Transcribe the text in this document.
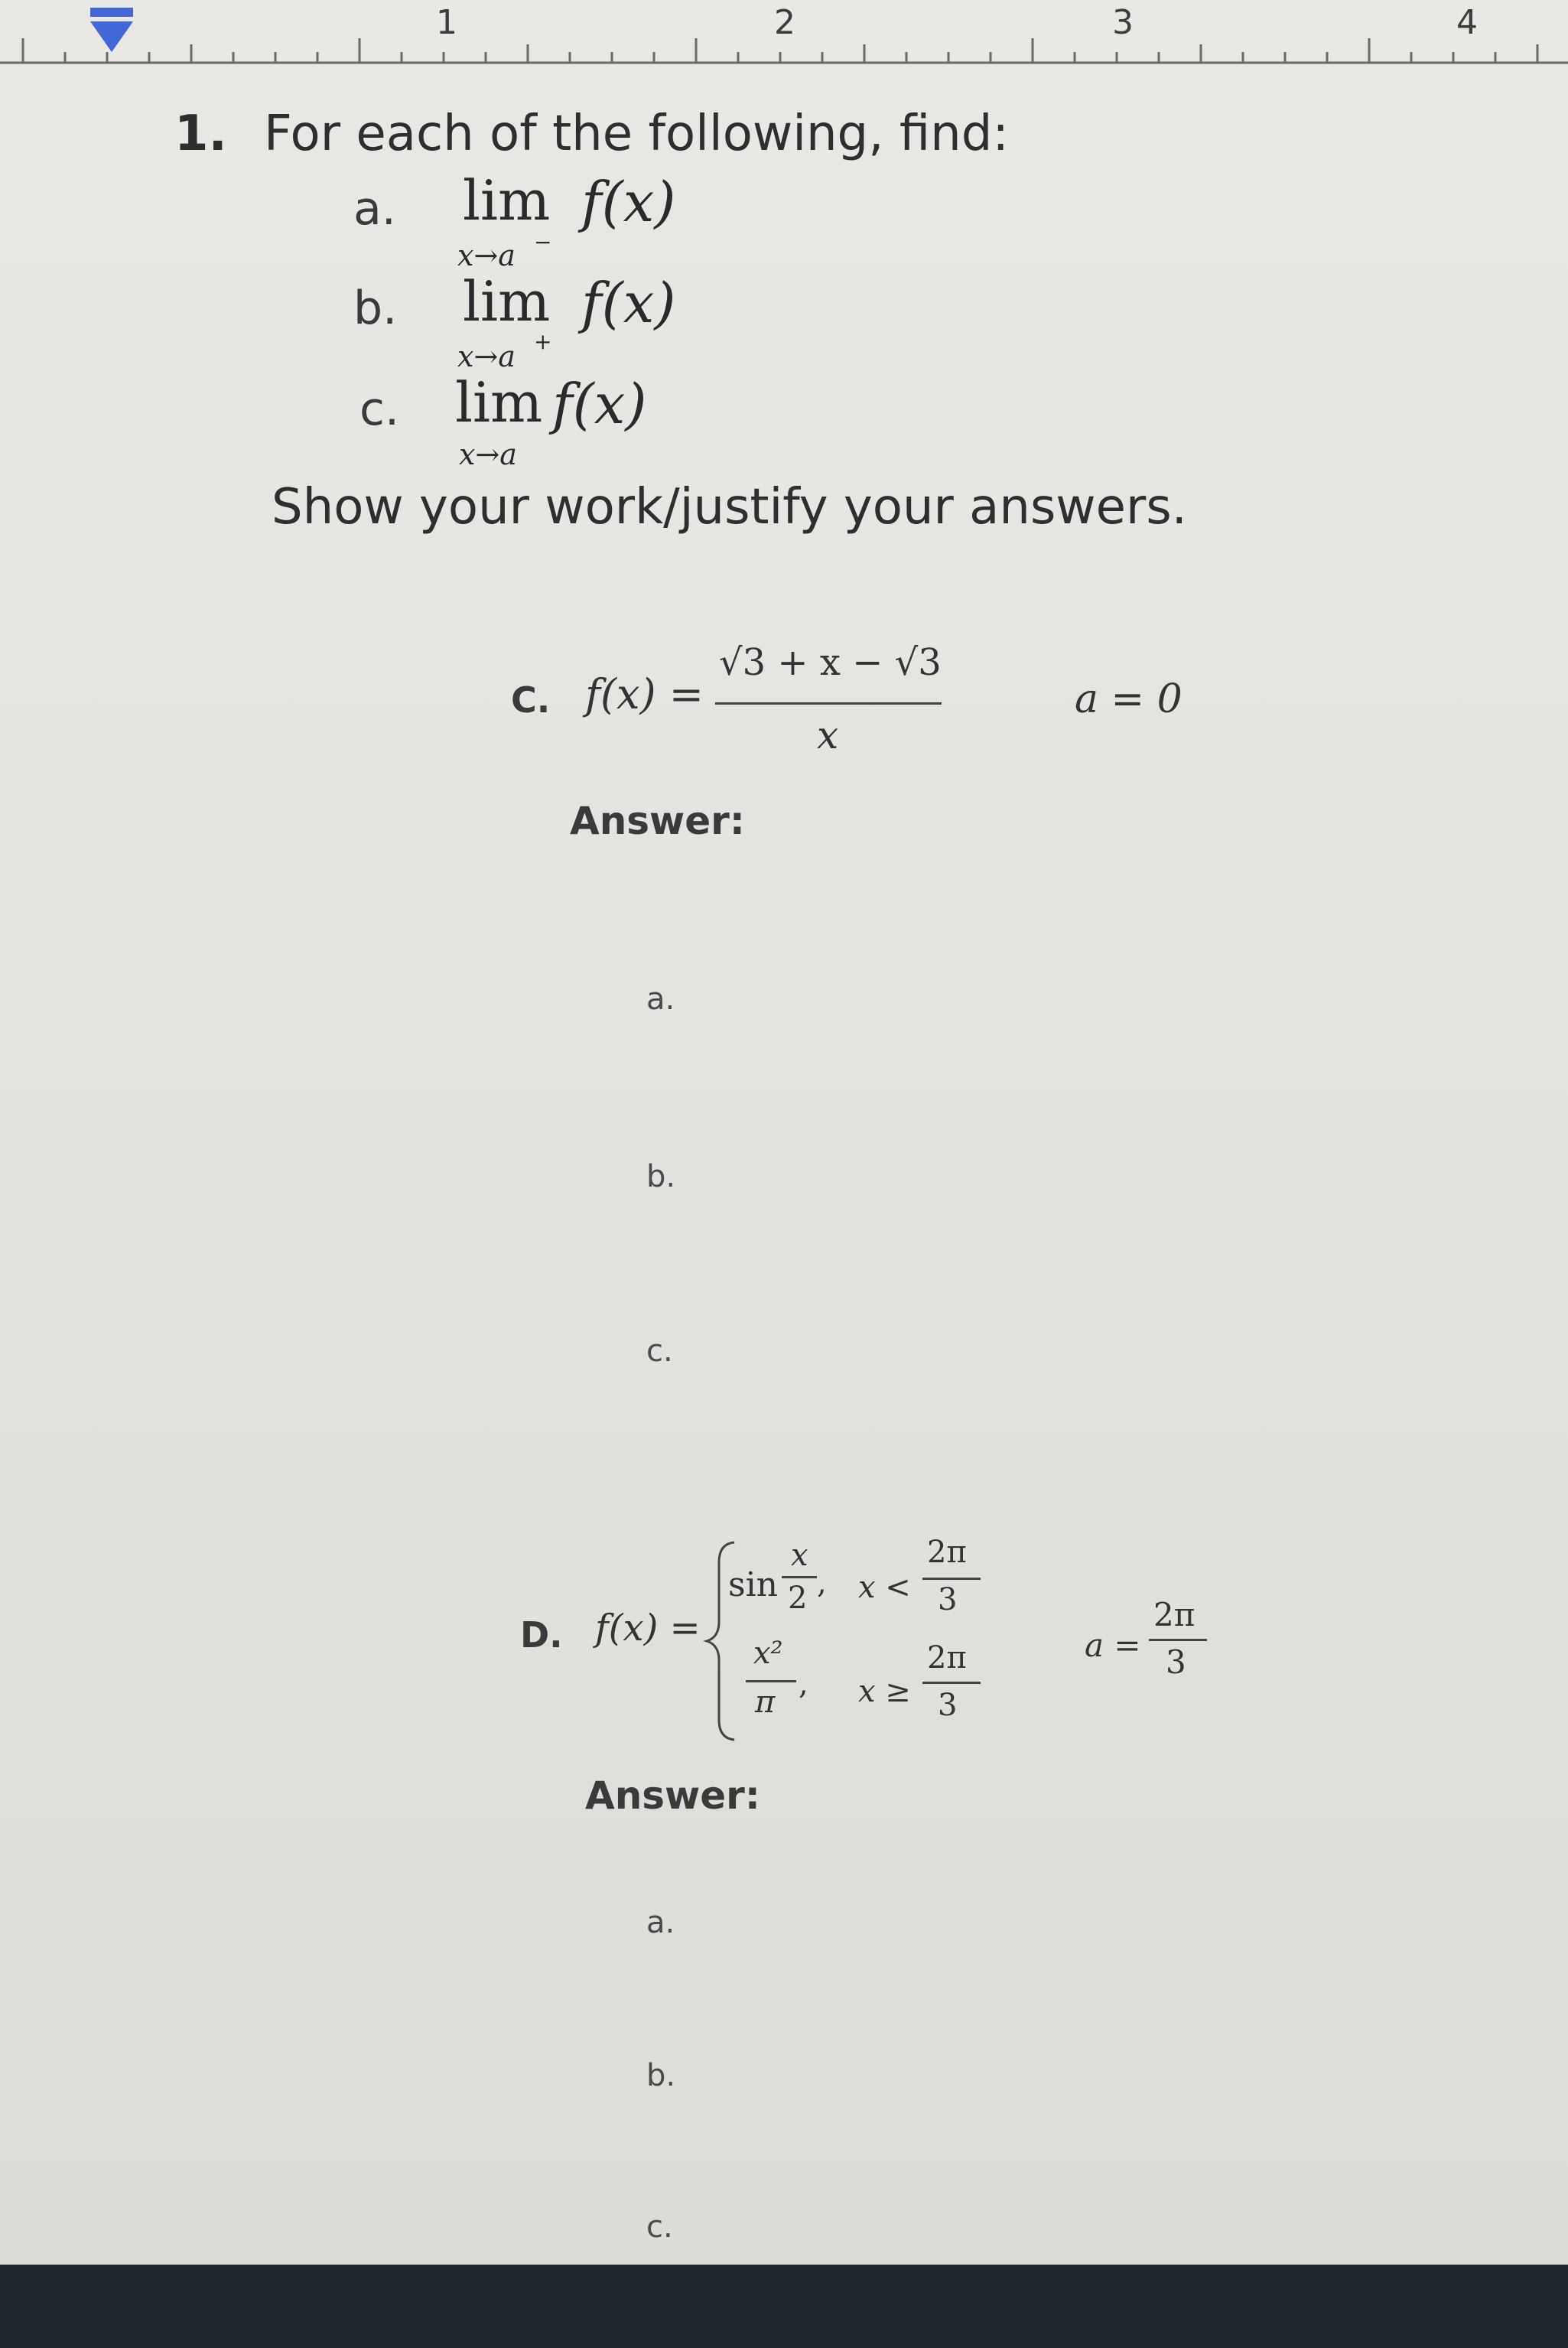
1	2	3	4
1. For each of the following, find:
a. lim
x→a −
f(x)
b. lim
x→a +
f(x)
c. lim
x→a
f(x)
Show your work/justify your answers.
C. f(x) =
√3 + x − √3
x
a = 0
Answer:
a.
b.
c.
D. f(x) =
sin
x
2 , x <
2π
3
x²
π
, x ≥
2π
3
a =
2π
3
Answer:
a.
b.
c.
